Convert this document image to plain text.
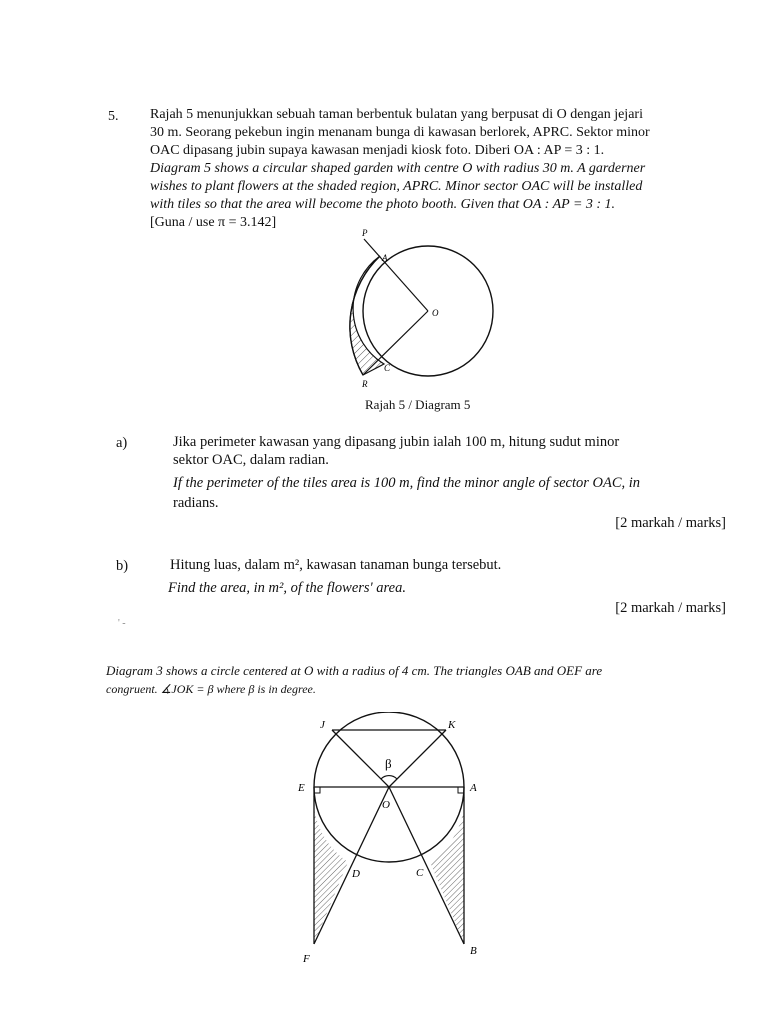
5. Rajah 5 menunjukkan sebuah taman berbentuk bulatan yang berpusat di O dengan jejari
30 m. Seorang pekebun ingin menanam bunga di kawasan berlorek, APRC. Sektor minor
OAC dipasang jubin supaya kawasan menjadi kiosk foto. Diberi OA : AP = 3 : 1.
Diagram 5 shows a circular shaped garden with centre O with radius 30 m. A garderner
wishes to plant flowers at the shaded region, APRC. Minor sector OAC will be installed
with tiles so that the area will become the photo booth. Given that OA : AP = 3 : 1.
[Guna / use π = 3.142]
P
A
O
C
R
Rajah 5 / Diagram 5
a)	Jika perimeter kawasan yang dipasang jubin ialah 100 m, hitung sudut minor
sektor OAC, dalam radian.
If the perimeter of the tiles area is 100 m, find the minor angle of sector OAC, in
radians.
[2 markah / marks]
b)	Hitung luas, dalam m², kawasan tanaman bunga tersebut.
Find the area, in m², of the flowers' area.
[2 markah / marks]
' -
Diagram 3 shows a circle centered at O with a radius of 4 cm. The triangles OAB and OEF are
congruent. ∡JOK = β where β is in degree.
J	K
β
E	A
O
D	C
F
B
